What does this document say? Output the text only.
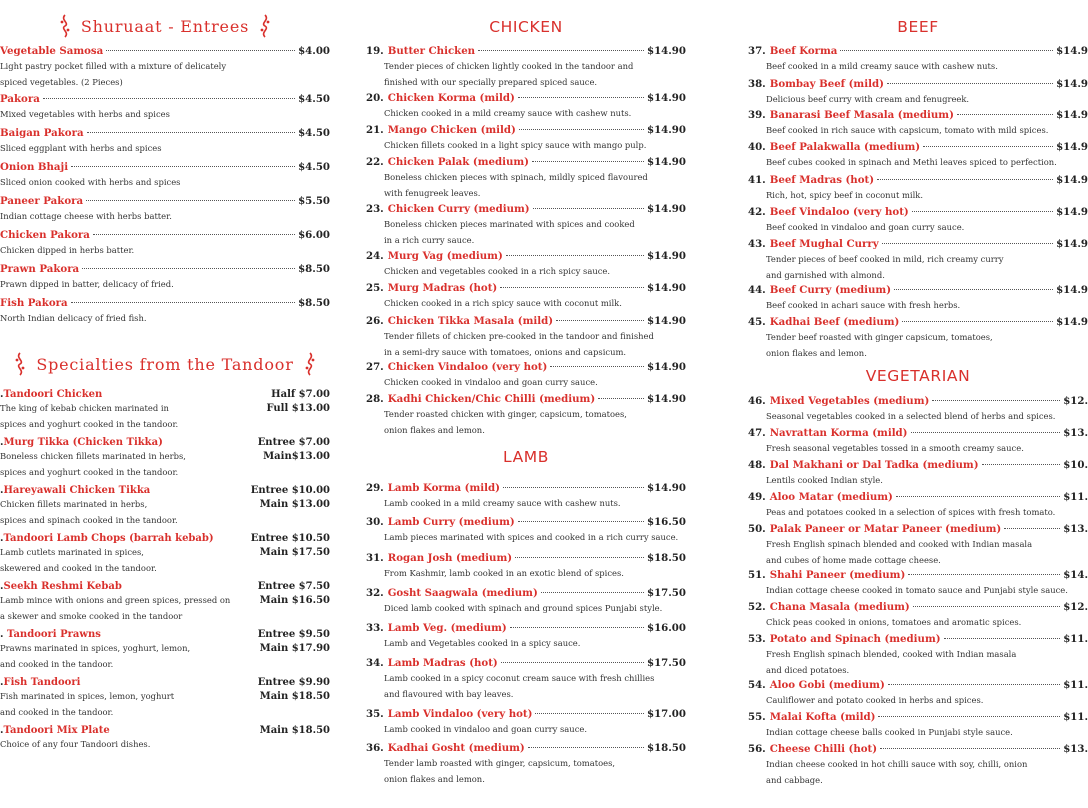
Shuruaat - Entrees
Vegetable Samosa	$4.00
Light pastry pocket filled with a mixture of delicately
spiced vegetables. (2 Pieces)
Pakora	$4.50
Mixed vegetables with herbs and spices
Baigan Pakora	$4.50
Sliced eggplant with herbs and spices
Onion Bhaji	$4.50
Sliced onion cooked with herbs and spices
Paneer Pakora	$5.50
Indian cottage cheese with herbs batter.
Chicken Pakora	$6.00
Chicken dipped in herbs batter.
Prawn Pakora	$8.50
Prawn dipped in batter, delicacy of fried.
Fish Pakora	$8.50
North Indian delicacy of fried fish.
Specialties from the Tandoor
.Tandoori Chicken	Half $7.00
The king of kebab chicken marinated in	Full $13.00
spices and yoghurt cooked in the tandoor.
.Murg Tikka (Chicken Tikka)	Entree $7.00
Boneless chicken fillets marinated in herbs,	Main$13.00
spices and yoghurt cooked in the tandoor.
.Hareyawali Chicken Tikka	Entree $10.00
Chicken fillets marinated in herbs,	Main $13.00
spices and spinach cooked in the tandoor.
.Tandoori Lamb Chops (barrah kebab)	Entree $10.50
Lamb cutlets marinated in spices,	Main $17.50
skewered and cooked in the tandoor.
.Seekh Reshmi Kebab	Entree $7.50
Lamb mince with onions and green spices, pressed on	Main $16.50
a skewer and smoke cooked in the tandoor
. Tandoori Prawns	Entree $9.50
Prawns marinated in spices, yoghurt, lemon,	Main $17.90
and cooked in the tandoor.
.Fish Tandoori	Entree $9.90
Fish marinated in spices, lemon, yoghurt	Main $18.50
and cooked in the tandoor.
.Tandoori Mix Plate	Main $18.50
Choice of any four Tandoori dishes.
CHICKEN
19. Butter Chicken	$14.90
Tender pieces of chicken lightly cooked in the tandoor and
finished with our specially prepared spiced sauce.
20. Chicken Korma (mild)	$14.90
Chicken cooked in a mild creamy sauce with cashew nuts.
21. Mango Chicken (mild)	$14.90
Chicken fillets cooked in a light spicy sauce with mango pulp.
22. Chicken Palak (medium)	$14.90
Boneless chicken pieces with spinach, mildly spiced flavoured
with fenugreek leaves.
23. Chicken Curry (medium)	$14.90
Boneless chicken pieces marinated with spices and cooked
in a rich curry sauce.
24. Murg Vag (medium)	$14.90
Chicken and vegetables cooked in a rich spicy sauce.
25. Murg Madras (hot)	$14.90
Chicken cooked in a rich spicy sauce with coconut milk.
26. Chicken Tikka Masala (mild)	$14.90
Tender fillets of chicken pre-cooked in the tandoor and finished
in a semi-dry sauce with tomatoes, onions and capsicum.
27. Chicken Vindaloo (very hot)	$14.90
Chicken cooked in vindaloo and goan curry sauce.
28. Kadhi Chicken/Chic Chilli (medium)	$14.90
Tender roasted chicken with ginger, capsicum, tomatoes,
onion flakes and lemon.
LAMB
29. Lamb Korma (mild)	$14.90
Lamb cooked in a mild creamy sauce with cashew nuts.
30. Lamb Curry (medium)	$16.50
Lamb pieces marinated with spices and cooked in a rich curry sauce.
31. Rogan Josh (medium)	$18.50
From Kashmir, lamb cooked in an exotic blend of spices.
32. Gosht Saagwala (medium)	$17.50
Diced lamb cooked with spinach and ground spices Punjabi style.
33. Lamb Veg. (medium)	$16.00
Lamb and Vegetables cooked in a spicy sauce.
34. Lamb Madras (hot)	$17.50
Lamb cooked in a spicy coconut cream sauce with fresh chillies
and flavoured with bay leaves.
35. Lamb Vindaloo (very hot)	$17.00
Lamb cooked in vindaloo and goan curry sauce.
36. Kadhai Gosht (medium)	$18.50
Tender lamb roasted with ginger, capsicum, tomatoes,
onion flakes and lemon.
BEEF
37. Beef Korma	$14.9
Beef cooked in a mild creamy sauce with cashew nuts.
38. Bombay Beef (mild)	$14.9
Delicious beef curry with cream and fenugreek.
39. Banarasi Beef Masala (medium)	$14.9
Beef cooked in rich sauce with capsicum, tomato with mild spices.
40. Beef Palakwalla (medium)	$14.9
Beef cubes cooked in spinach and Methi leaves spiced to perfection.
41. Beef Madras (hot)	$14.9
Rich, hot, spicy beef in coconut milk.
42. Beef Vindaloo (very hot)	$14.9
Beef cooked in vindaloo and goan curry sauce.
43. Beef Mughal Curry	$14.9
Tender pieces of beef cooked in mild, rich creamy curry
and garnished with almond.
44. Beef Curry (medium)	$14.9
Beef cooked in achari sauce with fresh herbs.
45. Kadhai Beef (medium)	$14.9
Tender beef roasted with ginger capsicum, tomatoes,
onion flakes and lemon.
VEGETARIAN
46. Mixed Vegetables (medium)	$12.
Seasonal vegetables cooked in a selected blend of herbs and spices.
47. Navrattan Korma (mild)	$13.
Fresh seasonal vegetables tossed in a smooth creamy sauce.
48. Dal Makhani or Dal Tadka (medium)	$10.
Lentils cooked Indian style.
49. Aloo Matar (medium)	$11.
Peas and potatoes cooked in a selection of spices with fresh tomato.
50. Palak Paneer or Matar Paneer (medium)	$13.
Fresh English spinach blended and cooked with Indian masala
and cubes of home made cottage cheese.
51. Shahi Paneer (medium)	$14.
Indian cottage cheese cooked in tomato sauce and Punjabi style sauce.
52. Chana Masala (medium)	$12.
Chick peas cooked in onions, tomatoes and aromatic spices.
53. Potato and Spinach (medium)	$11.
Fresh English spinach blended, cooked with Indian masala
and diced potatoes.
54. Aloo Gobi (medium)	$11.
Cauliflower and potato cooked in herbs and spices.
55. Malai Kofta (mild)	$11.
Indian cottage cheese balls cooked in Punjabi style sauce.
56. Cheese Chilli (hot)	$13.
Indian cheese cooked in hot chilli sauce with soy, chilli, onion
and cabbage.
